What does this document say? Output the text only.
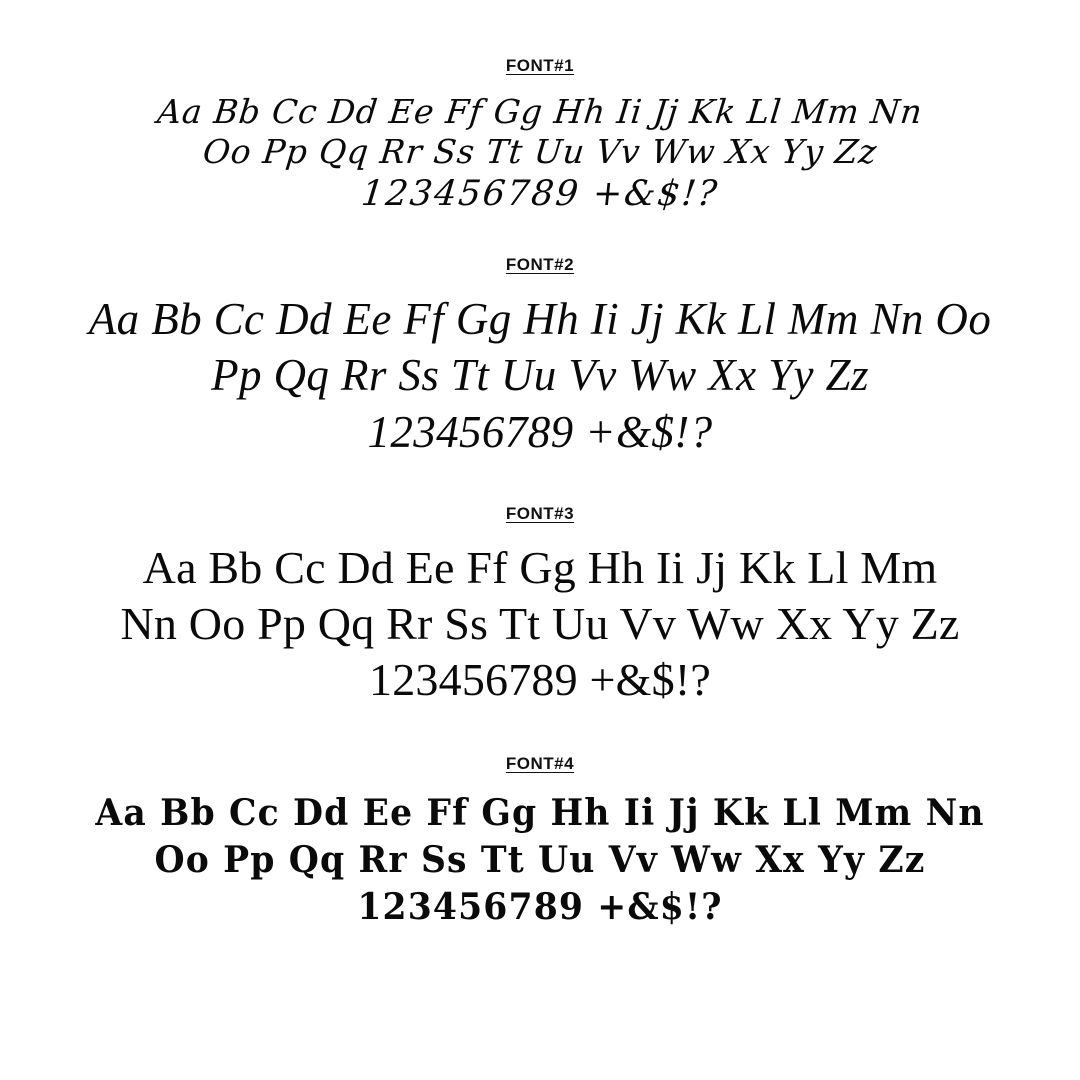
FONT#1
Aa Bb Cc Dd Ee Ff Gg Hh Ii Jj Kk Ll Mm Nn
Oo Pp Qq Rr Ss Tt Uu Vv Ww Xx Yy Zz
123456789 +&$!?
FONT#2
Aa Bb Cc Dd Ee Ff Gg Hh Ii Jj Kk Ll Mm Nn Oo
Pp Qq Rr Ss Tt Uu Vv Ww Xx Yy Zz
123456789 +&$!?
FONT#3
Aa Bb Cc Dd Ee Ff Gg Hh Ii Jj Kk Ll Mm
Nn Oo Pp Qq Rr Ss Tt Uu Vv Ww Xx Yy Zz
123456789 +&$!?
FONT#4
Aa Bb Cc Dd Ee Ff Gg Hh Ii Jj Kk Ll Mm Nn
Oo Pp Qq Rr Ss Tt Uu Vv Ww Xx Yy Zz
123456789 +&$!?
